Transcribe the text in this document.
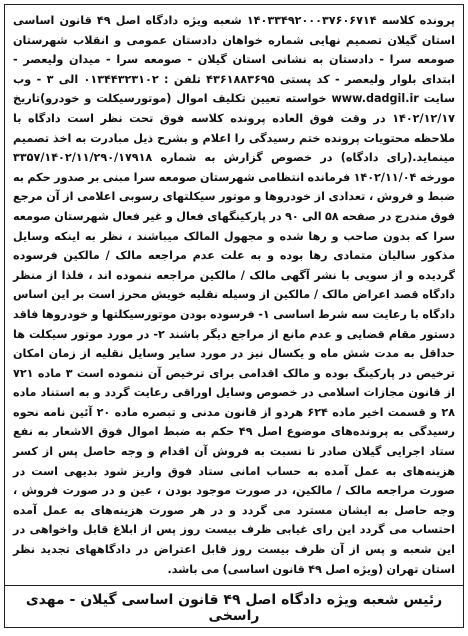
پرونده کلاسه ۱۴۰۳۳۴۹۲۰۰۰۳۷۶۰۶۷۱۴ شعبه ویژه دادگاه اصل ۴۹ قانون اساسی استان گیلان تصمیم نهایی شماره خواهان دادستان عمومی و انقلاب شهرستان صومعه سرا - دادستان به نشانی استان گیلان - صومعه سرا - میدان ولیعصر - ابتدای بلوار ولیعصر - کد پستی ۴۳۶۱۸۸۳۶۹۵ تلفن : ۰۱۳۴۴۳۲۳۱۰۲ الی ۳ - وب سایت www.dadgil.ir خواسته تعیین تکلیف اموال (موتورسیکلت و خودرو)تاریخ ۱۴۰۲/۱۲/۱۷ در وقت فوق العاده پرونده کلاسه فوق تحت نظر است دادگاه با ملاحظه محتویات پرونده ختم رسیدگی را اعلام و بشرح ذیل مبادرت به اخذ تصمیم مینماید.(رای دادگاه) در خصوص گزارش به شماره ۳۳۵۷/۱۴۰۲/۱۱/۲۹۰/۱۷۹۱۸ مورخه ۱۴۰۲/۱۱/۰۴ فرمانده انتظامی شهرستان صومعه سرا مبنی بر صدور حکم به ضبط و فروش ، تعدادی از خودروها و موتور سیکلتهای رسوبی اعلامی از آن مرجع فوق مندرج در صفحه ۵۸ الی ۹۰ در پارکینگهای فعال و غیر فعال شهرستان صومعه سرا که بدون صاحب و رها شده و مجهول المالک میباشند ، نظر به اینکه وسایل مذکور سالیان متمادی رها بوده و به علت عدم مراجعه مالک / مالکین فرسوده گردیده و از سویی با نشر آگهی مالک / مالکین مراجعه ننموده اند ، فلذا از منظر دادگاه قصد اعراض مالک / مالکین از وسیله نقلیه خویش محرز است بر این اساس دادگاه با رعایت سه شرط اساسی ۱- فرسوده بودن موتورسیکلتها و خودروها فاقد دستور مقام قضایی و عدم مانع از مراجع دیگر باشند ۲- در مورد موتور سیکلت ها حداقل به مدت شش ماه و یکسال نیز در مورد سایر وسایل نقلیه از زمان امکان ترخیص در پارکینگ بوده و مالک اقدامی برای ترخیص آن ننموده است ۳ ماده ۷۲۱ از قانون مجازات اسلامی در خصوص وسایل اوراقی رعایت گردد و به استناد ماده ۲۸ و قسمت اخیر ماده ۶۲۴ هردو از قانون مدنی و تبصره ماده ۲۰ آئین نامه نحوه رسیدگی به پرونده‌های موضوع اصل ۴۹ حکم به ضبط اموال فوق الاشعار به نفع ستاد اجرایی گیلان صادر تا نسبت به فروش آن اقدام و وجه حاصل پس از کسر هزینه‌های به عمل آمده به حساب امانی ستاد فوق واریز شود بدیهی است در صورت مراجعه مالک / مالکین، در صورت موجود بودن ، عین و در صورت فروش ، وجه حاصل به ایشان مسترد می گردد و در هر صورت هزینه‌های به عمل آمده احتساب می گردد این رای غیابی ظرف بیست روز پس از ابلاغ قابل واخواهی در این شعبه و پس از آن ظرف بیست روز قابل اعتراض در دادگاههای تجدید نظر استان تهران (ویژه اصل ۴۹ قانون اساسی) می باشد.

رئیس شعبه ویژه دادگاه اصل ۴۹ قانون اساسی گیلان - مهدی راسخی
